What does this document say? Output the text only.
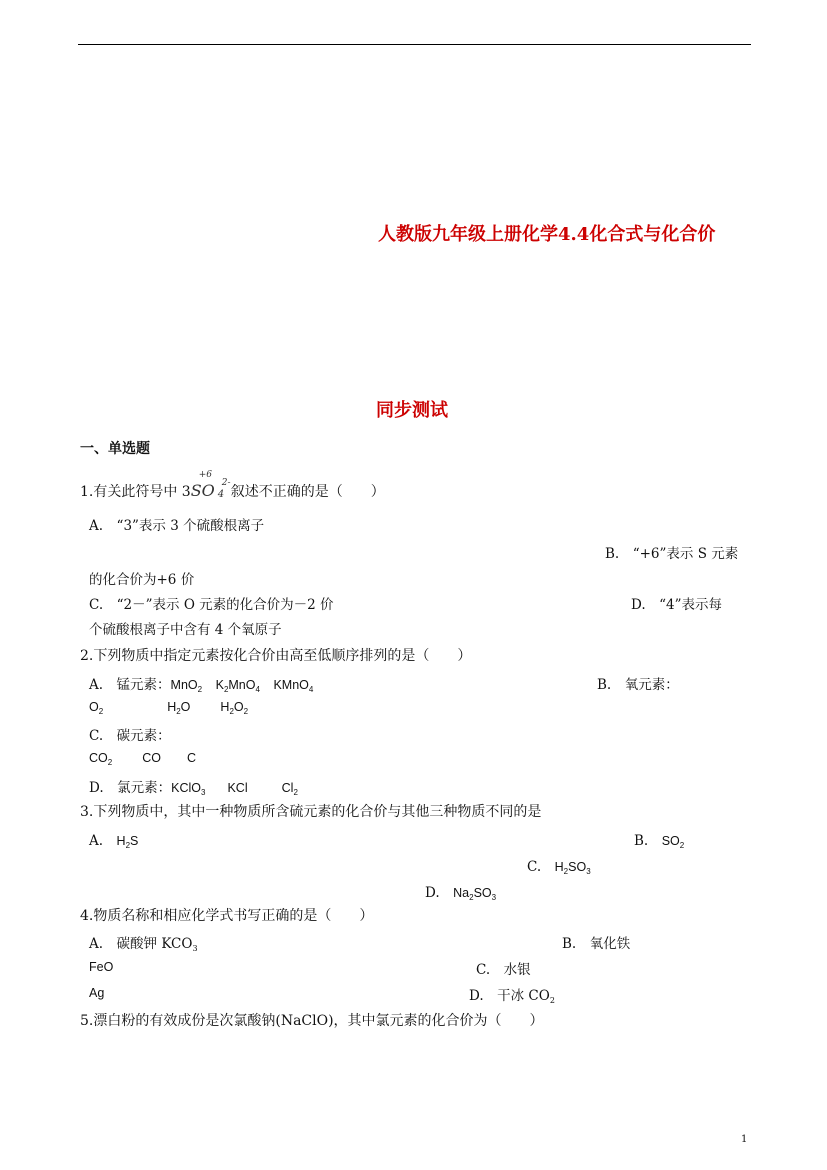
人教版九年级上册化学4.4化合式与化合价
同步测试
一、单选题
1.有关此符号中 3
+6
SO 4
2-
叙述不正确的是（　　）
A.　“3”表示 3 个硫酸根离子
B.　“+6”表示 S 元素
的化合价为+6 价
C.　“2－”表示 O 元素的化合价为－2 价	D.　“4”表示每
个硫酸根离子中含有 4 个氧原子
2.下列物质中指定元素按化合价由高至低顺序排列的是（　　）
A.　锰元素：MnO$_2$　 $K_2MnO_4$　 KMnO$_4$	B.　氧元素：
$O_2$	$H_2O$ $H_2O_2$
C.　碳元素：
$CO_2$ CO C
D.　氯元素：KClO$_3$ KCl	$Cl_2$
3.下列物质中，其中一种物质所含硫元素的化合价与其他三种物质不同的是
A.　 $H_2S$	B.　 $SO_2$
C.　 $H_2SO_3$
D.　 $Na_2SO_3$
4.物质名称和相应化学式书写正确的是（　　）
A.　碳酸钾 $KCO_3$	B.　氧化铁
FeO	C.　水银
Ag	D.　干冰 $CO_2$
5.漂白粉的有效成份是次氯酸钠(NaClO)，其中氯元素的化合价为（　　）
1
